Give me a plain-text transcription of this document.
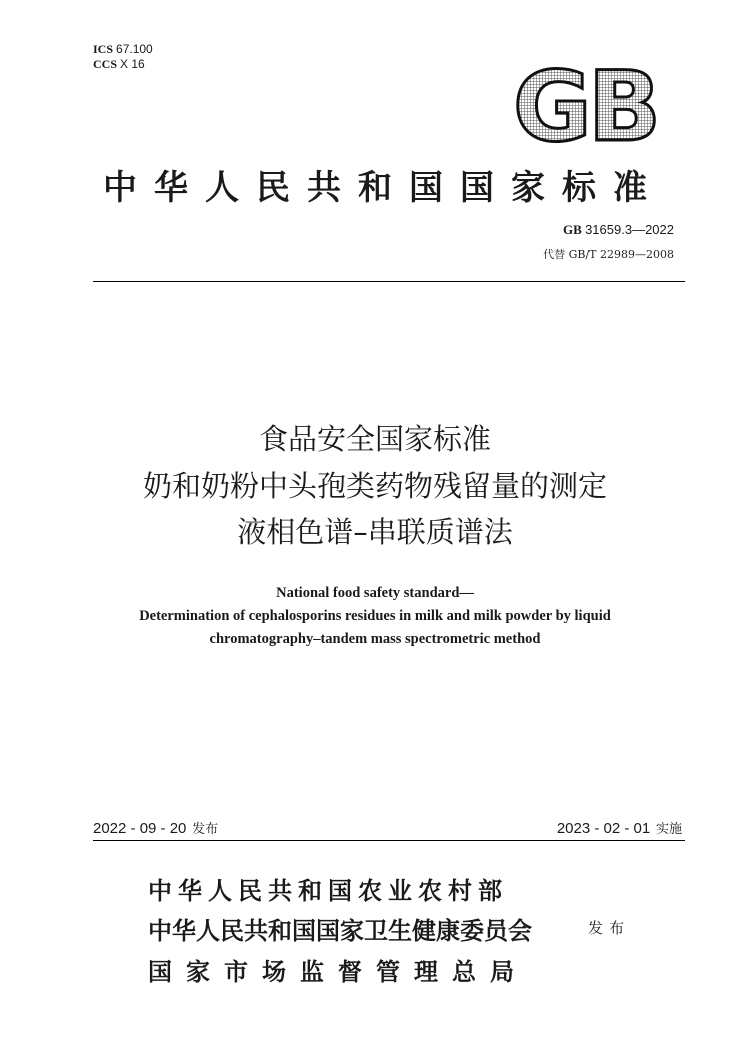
ICS 67.100
CCS X 16	GB
中华人民共和国国家标准
GB 31659.3—2022
代替 GB/T 22989—2008
食品安全国家标准
奶和奶粉中头孢类药物残留量的测定
液相色谱–串联质谱法
National food safety standard—
Determination of cephalosporins residues in milk and milk powder by liquid
chromatography–tandem mass spectrometric method
2022 - 09 - 20 发布	2023 - 02 - 01 实施
中华人民共和国农业农村部
中华人民共和国国家卫生健康委员会
国家市场监督管理总局
发布
